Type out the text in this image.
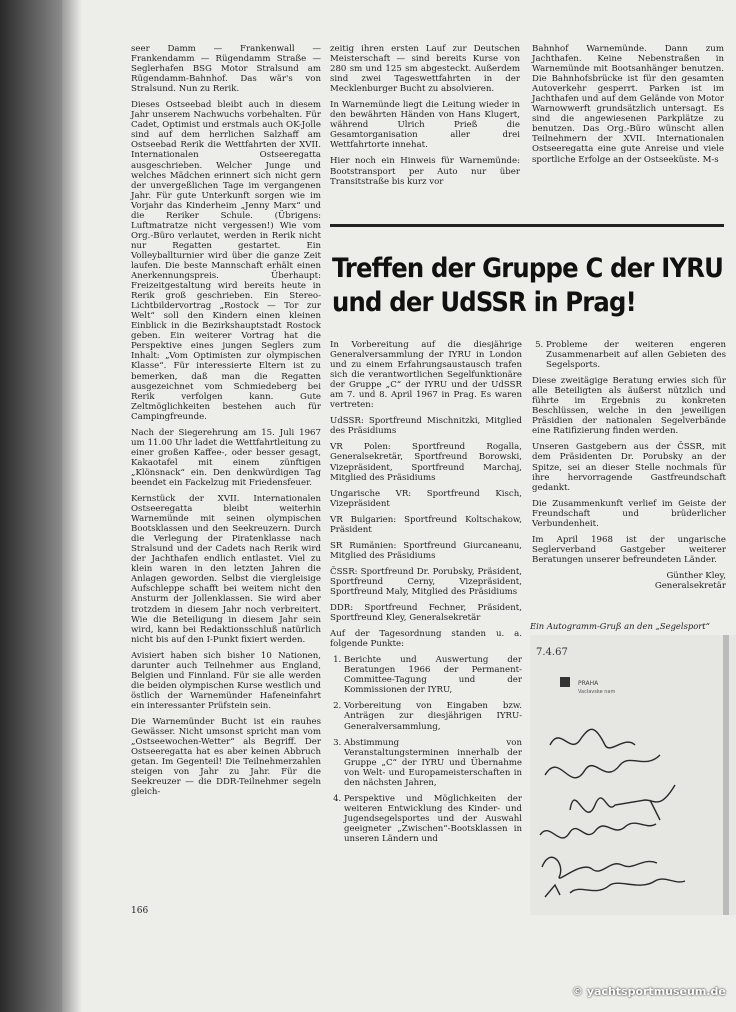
seer Damm — Frankenwall — Frankendamm — Rügendamm Straße — Seglerhafen BSG Motor Stralsund am Rügendamm-Bahnhof. Das wär's von Stralsund. Nun zu Rerik.

Dieses Ostseebad bleibt auch in diesem Jahr unserem Nachwuchs vorbehalten. Für Cadet, Optimist und erstmals auch OK-Jolle sind auf dem herrlichen Salzhaff am Ostseebad Rerik die Wettfahrten der XVII. Internationalen Ostseeregatta ausgeschrieben. Welcher Junge und welches Mädchen erinnert sich nicht gern der unvergeßlichen Tage im vergangenen Jahr. Für gute Unterkunft sorgen wie im Vorjahr das Kinderheim „Jenny Marx“ und die Reriker Schule. (Übrigens: Luftmatratze nicht vergessen!) Wie vom Org.-Büro verlautet, werden in Rerik nicht nur Regatten gestartet. Ein Volleyballturnier wird über die ganze Zeit laufen. Die beste Mannschaft erhält einen Anerkennungspreis. Überhaupt: Freizeitgestaltung wird bereits heute in Rerik groß geschrieben. Ein Stereo-Lichtbildervortrag „Rostock — Tor zur Welt“ soll den Kindern einen kleinen Einblick in die Bezirkshauptstadt Rostock geben. Ein weiterer Vortrag hat die Perspektive eines jungen Seglers zum Inhalt: „Vom Optimisten zur olympischen Klasse“. Für interessierte Eltern ist zu bemerken, daß man die Regatten ausgezeichnet vom Schmiedeberg bei Rerik verfolgen kann. Gute Zeltmöglichkeiten bestehen auch für Campingfreunde.

Nach der Siegerehrung am 15. Juli 1967 um 11.00 Uhr ladet die Wettfahrtleitung zu einer großen Kaffee-, oder besser gesagt, Kakaotafel mit einem zünftigen „Klönsnack“ ein. Den denkwürdigen Tag beendet ein Fackelzug mit Friedensfeuer.

Kernstück der XVII. Internationalen Ostseeregatta bleibt weiterhin Warnemünde mit seinen olympischen Bootsklassen und den Seekreuzern. Durch die Verlegung der Piratenklasse nach Stralsund und der Cadets nach Rerik wird der Jachthafen endlich entlastet. Viel zu klein waren in den letzten Jahren die Anlagen geworden. Selbst die viergleisige Aufschleppe schafft bei weitem nicht den Ansturm der Jollenklassen. Sie wird aber trotzdem in diesem Jahr noch verbreitert. Wie die Beteiligung in diesem Jahr sein wird, kann bei Redaktionsschluß natürlich nicht bis auf den I-Punkt fixiert werden.

Avisiert haben sich bisher 10 Nationen, darunter auch Teilnehmer aus England, Belgien und Finnland. Für sie alle werden die beiden olympischen Kurse westlich und östlich der Warnemünder Hafeneinfahrt ein interessanter Prüfstein sein.

Die Warnemünder Bucht ist ein rauhes Gewässer. Nicht umsonst spricht man vom „Ostseewochen-Wetter“ als Begriff. Der Ostseeregatta hat es aber keinen Abbruch getan. Im Gegenteil! Die Teilnehmerzahlen steigen von Jahr zu Jahr. Für die Seekreuzer — die DDR-Teilnehmer segeln gleich-

zeitig ihren ersten Lauf zur Deutschen Meisterschaft — sind bereits Kurse von 280 sm und 125 sm abgesteckt. Außerdem sind zwei Tageswettfahrten in der Mecklenburger Bucht zu absolvieren.

In Warnemünde liegt die Leitung wieder in den bewährten Händen von Hans Klugert, während Ulrich Prieß die Gesamtorganisation aller drei Wettfahrtorte innehat.

Hier noch ein Hinweis für Warnemünde: Bootstransport per Auto nur über Transitstraße bis kurz vor

Bahnhof Warnemünde. Dann zum Jachthafen. Keine Nebenstraßen in Warnemünde mit Bootsanhänger benutzen. Die Bahnhofsbrücke ist für den gesamten Autoverkehr gesperrt. Parken ist im Jachthafen und auf dem Gelände von Motor Warnowwerft grundsätzlich untersagt. Es sind die angewiesenen Parkplätze zu benutzen. Das Org.-Büro wünscht allen Teilnehmern der XVII. Internationalen Ostseeregatta eine gute Anreise und viele sportliche Erfolge an der Ostseeküste. M-s

Treffen der Gruppe C der IYRU
und der UdSSR in Prag!

In Vorbereitung auf die diesjährige Generalversammlung der IYRU in London und zu einem Erfahrungsaustausch trafen sich die verantwortlichen Segelfunktionäre der Gruppe „C“ der IYRU und der UdSSR am 7. und 8. April 1967 in Prag. Es waren vertreten:

UdSSR: Sportfreund Mischnitzki, Mitglied des Präsidiums

VR Polen: Sportfreund Rogalla, Generalsekretär, Sportfreund Borowski, Vizepräsident, Sportfreund Marchaj, Mitglied des Präsidiums

Ungarische VR: Sportfreund Kisch, Vizepräsident

VR Bulgarien: Sportfreund Koltschakow, Präsident

SR Rumänien: Sportfreund Giurcaneanu, Mitglied des Präsidiums

ČSSR: Sportfreund Dr. Porubsky, Präsident, Sportfreund Cerny, Vizepräsident, Sportfreund Maly, Mitglied des Präsidiums

DDR: Sportfreund Fechner, Präsident, Sportfreund Kley, Generalsekretär

Auf der Tagesordnung standen u. a. folgende Punkte:

1. Berichte und Auswertung der Beratungen 1966 der Permanent-Committee-Tagung und der Kommissionen der IYRU,
2. Vorbereitung von Eingaben bzw. Anträgen zur diesjährigen IYRU-Generalversammlung,
3. Abstimmung von Veranstaltungsterminen innerhalb der Gruppe „C“ der IYRU und Übernahme von Welt- und Europameisterschaften in den nächsten Jahren,
4. Perspektive und Möglichkeiten der weiteren Entwicklung des Kinder- und Jugendsegelsportes und der Auswahl geeigneter „Zwischen“-Bootsklassen in unseren Ländern und
5. Probleme der weiteren engeren Zusammenarbeit auf allen Gebieten des Segelsports.

Diese zweitägige Beratung erwies sich für alle Beteiligten als äußerst nützlich und führte im Ergebnis zu konkreten Beschlüssen, welche in den jeweiligen Präsidien der nationalen Segelverbände eine Ratifizierung finden werden.

Unseren Gastgebern aus der ČSSR, mit dem Präsidenten Dr. Porubsky an der Spitze, sei an dieser Stelle nochmals für ihre hervorragende Gastfreundschaft gedankt.

Die Zusammenkunft verlief im Geiste der Freundschaft und brüderlicher Verbundenheit.

Im April 1968 ist der ungarische Seglerverband Gastgeber weiterer Beratungen unserer befreundeten Länder.

Günther Kley,
Generalsekretär
Ein Autogramm-Gruß an den „Segelsport“
7.4.67
PRAHA
Vaclavske nam
166
© yachtsportmuseum.de
